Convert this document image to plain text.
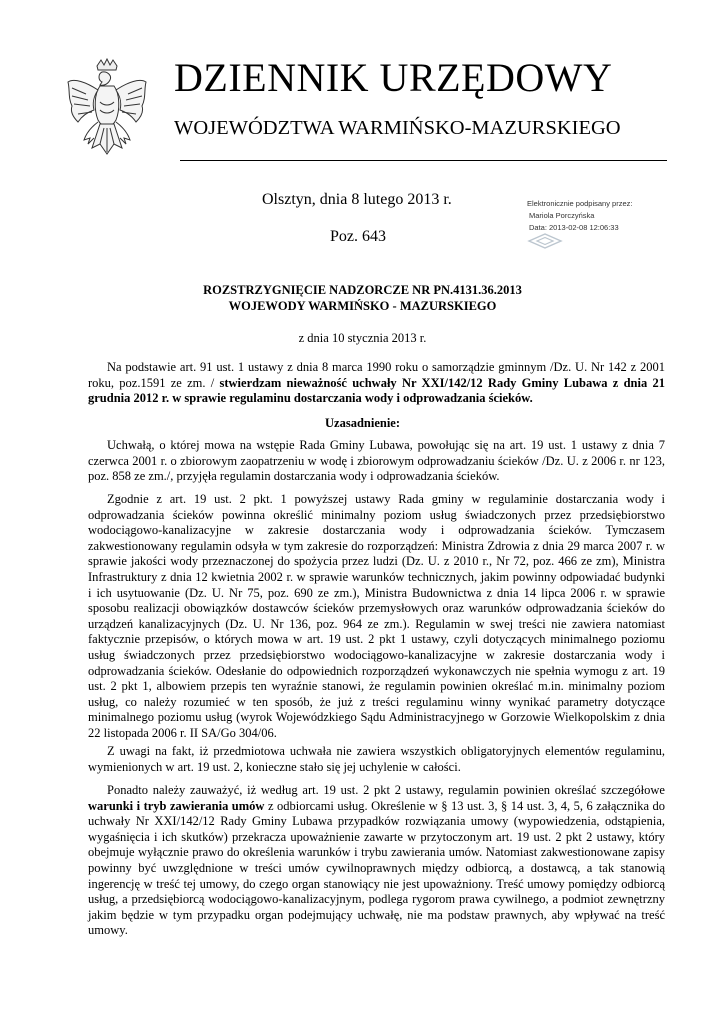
DZIENNIK URZĘDOWY
WOJEWÓDZTWA WARMIŃSKO-MAZURSKIEGO
Olsztyn, dnia 8 lutego 2013 r.
Poz. 643
Elektronicznie podpisany przez:
Mariola Porczyńska
Data: 2013-02-08 12:06:33
ROZSTRZYGNIĘCIE NADZORCZE NR PN.4131.36.2013
WOJEWODY WARMIŃSKO - MAZURSKIEGO
z dnia 10 stycznia 2013 r.

Na podstawie art. 91 ust. 1 ustawy z dnia 8 marca 1990 roku o samorządzie gminnym /Dz. U. Nr 142 z 2001 roku, poz.1591 ze zm. / stwierdzam nieważność uchwały Nr XXI/142/12 Rady Gminy Lubawa z dnia 21 grudnia 2012 r. w sprawie regulaminu dostarczania wody i odprowadzania ścieków.

Uzasadnienie:

Uchwałą, o której mowa na wstępie Rada Gminy Lubawa, powołując się na art. 19 ust. 1 ustawy z dnia 7 czerwca 2001 r. o zbiorowym zaopatrzeniu w wodę i zbiorowym odprowadzaniu ścieków /Dz. U. z 2006 r. nr 123, poz. 858 ze zm./, przyjęła regulamin dostarczania wody i odprowadzania ścieków.

Zgodnie z art. 19 ust. 2 pkt. 1 powyższej ustawy Rada gminy w regulaminie dostarczania wody i odprowadzania ścieków powinna określić minimalny poziom usług świadczonych przez przedsiębiorstwo wodociągowo-kanalizacyjne w zakresie dostarczania wody i odprowadzania ścieków. Tymczasem zakwestionowany regulamin odsyła w tym zakresie do rozporządzeń: Ministra Zdrowia z dnia 29 marca 2007 r. w sprawie jakości wody przeznaczonej do spożycia przez ludzi (Dz. U. z 2010 r., Nr 72, poz. 466 ze zm), Ministra Infrastruktury z dnia 12 kwietnia 2002 r. w sprawie warunków technicznych, jakim powinny odpowiadać budynki i ich usytuowanie (Dz. U. Nr 75, poz. 690 ze zm.), Ministra Budownictwa z dnia 14 lipca 2006 r. w sprawie sposobu realizacji obowiązków dostawców ścieków przemysłowych oraz warunków odprowadzania ścieków do urządzeń kanalizacyjnych (Dz. U. Nr 136, poz. 964 ze zm.). Regulamin w swej treści nie zawiera natomiast faktycznie przepisów, o których mowa w art. 19 ust. 2 pkt 1 ustawy, czyli dotyczących minimalnego poziomu usług świadczonych przez przedsiębiorstwo wodociągowo-kanalizacyjne w zakresie dostarczania wody i odprowadzania ścieków. Odesłanie do odpowiednich rozporządzeń wykonawczych nie spełnia wymogu z art. 19 ust. 2 pkt 1, albowiem przepis ten wyraźnie stanowi, że regulamin powinien określać m.in. minimalny poziom usług, co należy rozumieć w ten sposób, że już z treści regulaminu winny wynikać parametry dotyczące minimalnego poziomu usług (wyrok Wojewódzkiego Sądu Administracyjnego w Gorzowie Wielkopolskim z dnia 22 listopada 2006 r. II SA/Go 304/06.

Z uwagi na fakt, iż przedmiotowa uchwała nie zawiera wszystkich obligatoryjnych elementów regulaminu, wymienionych w art. 19 ust. 2, konieczne stało się jej uchylenie w całości.

Ponadto należy zauważyć, iż według art. 19 ust. 2 pkt 2 ustawy, regulamin powinien określać szczegółowe warunki i tryb zawierania umów z odbiorcami usług. Określenie w § 13 ust. 3, § 14 ust. 3, 4, 5, 6 załącznika do uchwały Nr XXI/142/12 Rady Gminy Lubawa przypadków rozwiązania umowy (wypowiedzenia, odstąpienia, wygaśnięcia i ich skutków) przekracza upoważnienie zawarte w przytoczonym art. 19 ust. 2 pkt 2 ustawy, który obejmuje wyłącznie prawo do określenia warunków i trybu zawierania umów. Natomiast zakwestionowane zapisy powinny być uwzględnione w treści umów cywilnoprawnych między odbiorcą, a dostawcą, a tak stanowią ingerencję w treść tej umowy, do czego organ stanowiący nie jest upoważniony. Treść umowy pomiędzy odbiorcą usług, a przedsiębiorcą wodociągowo-kanalizacyjnym, podlega rygorom prawa cywilnego, a podmiot zewnętrzny jakim będzie w tym przypadku organ podejmujący uchwałę, nie ma podstaw prawnych, aby wpływać na treść umowy.
